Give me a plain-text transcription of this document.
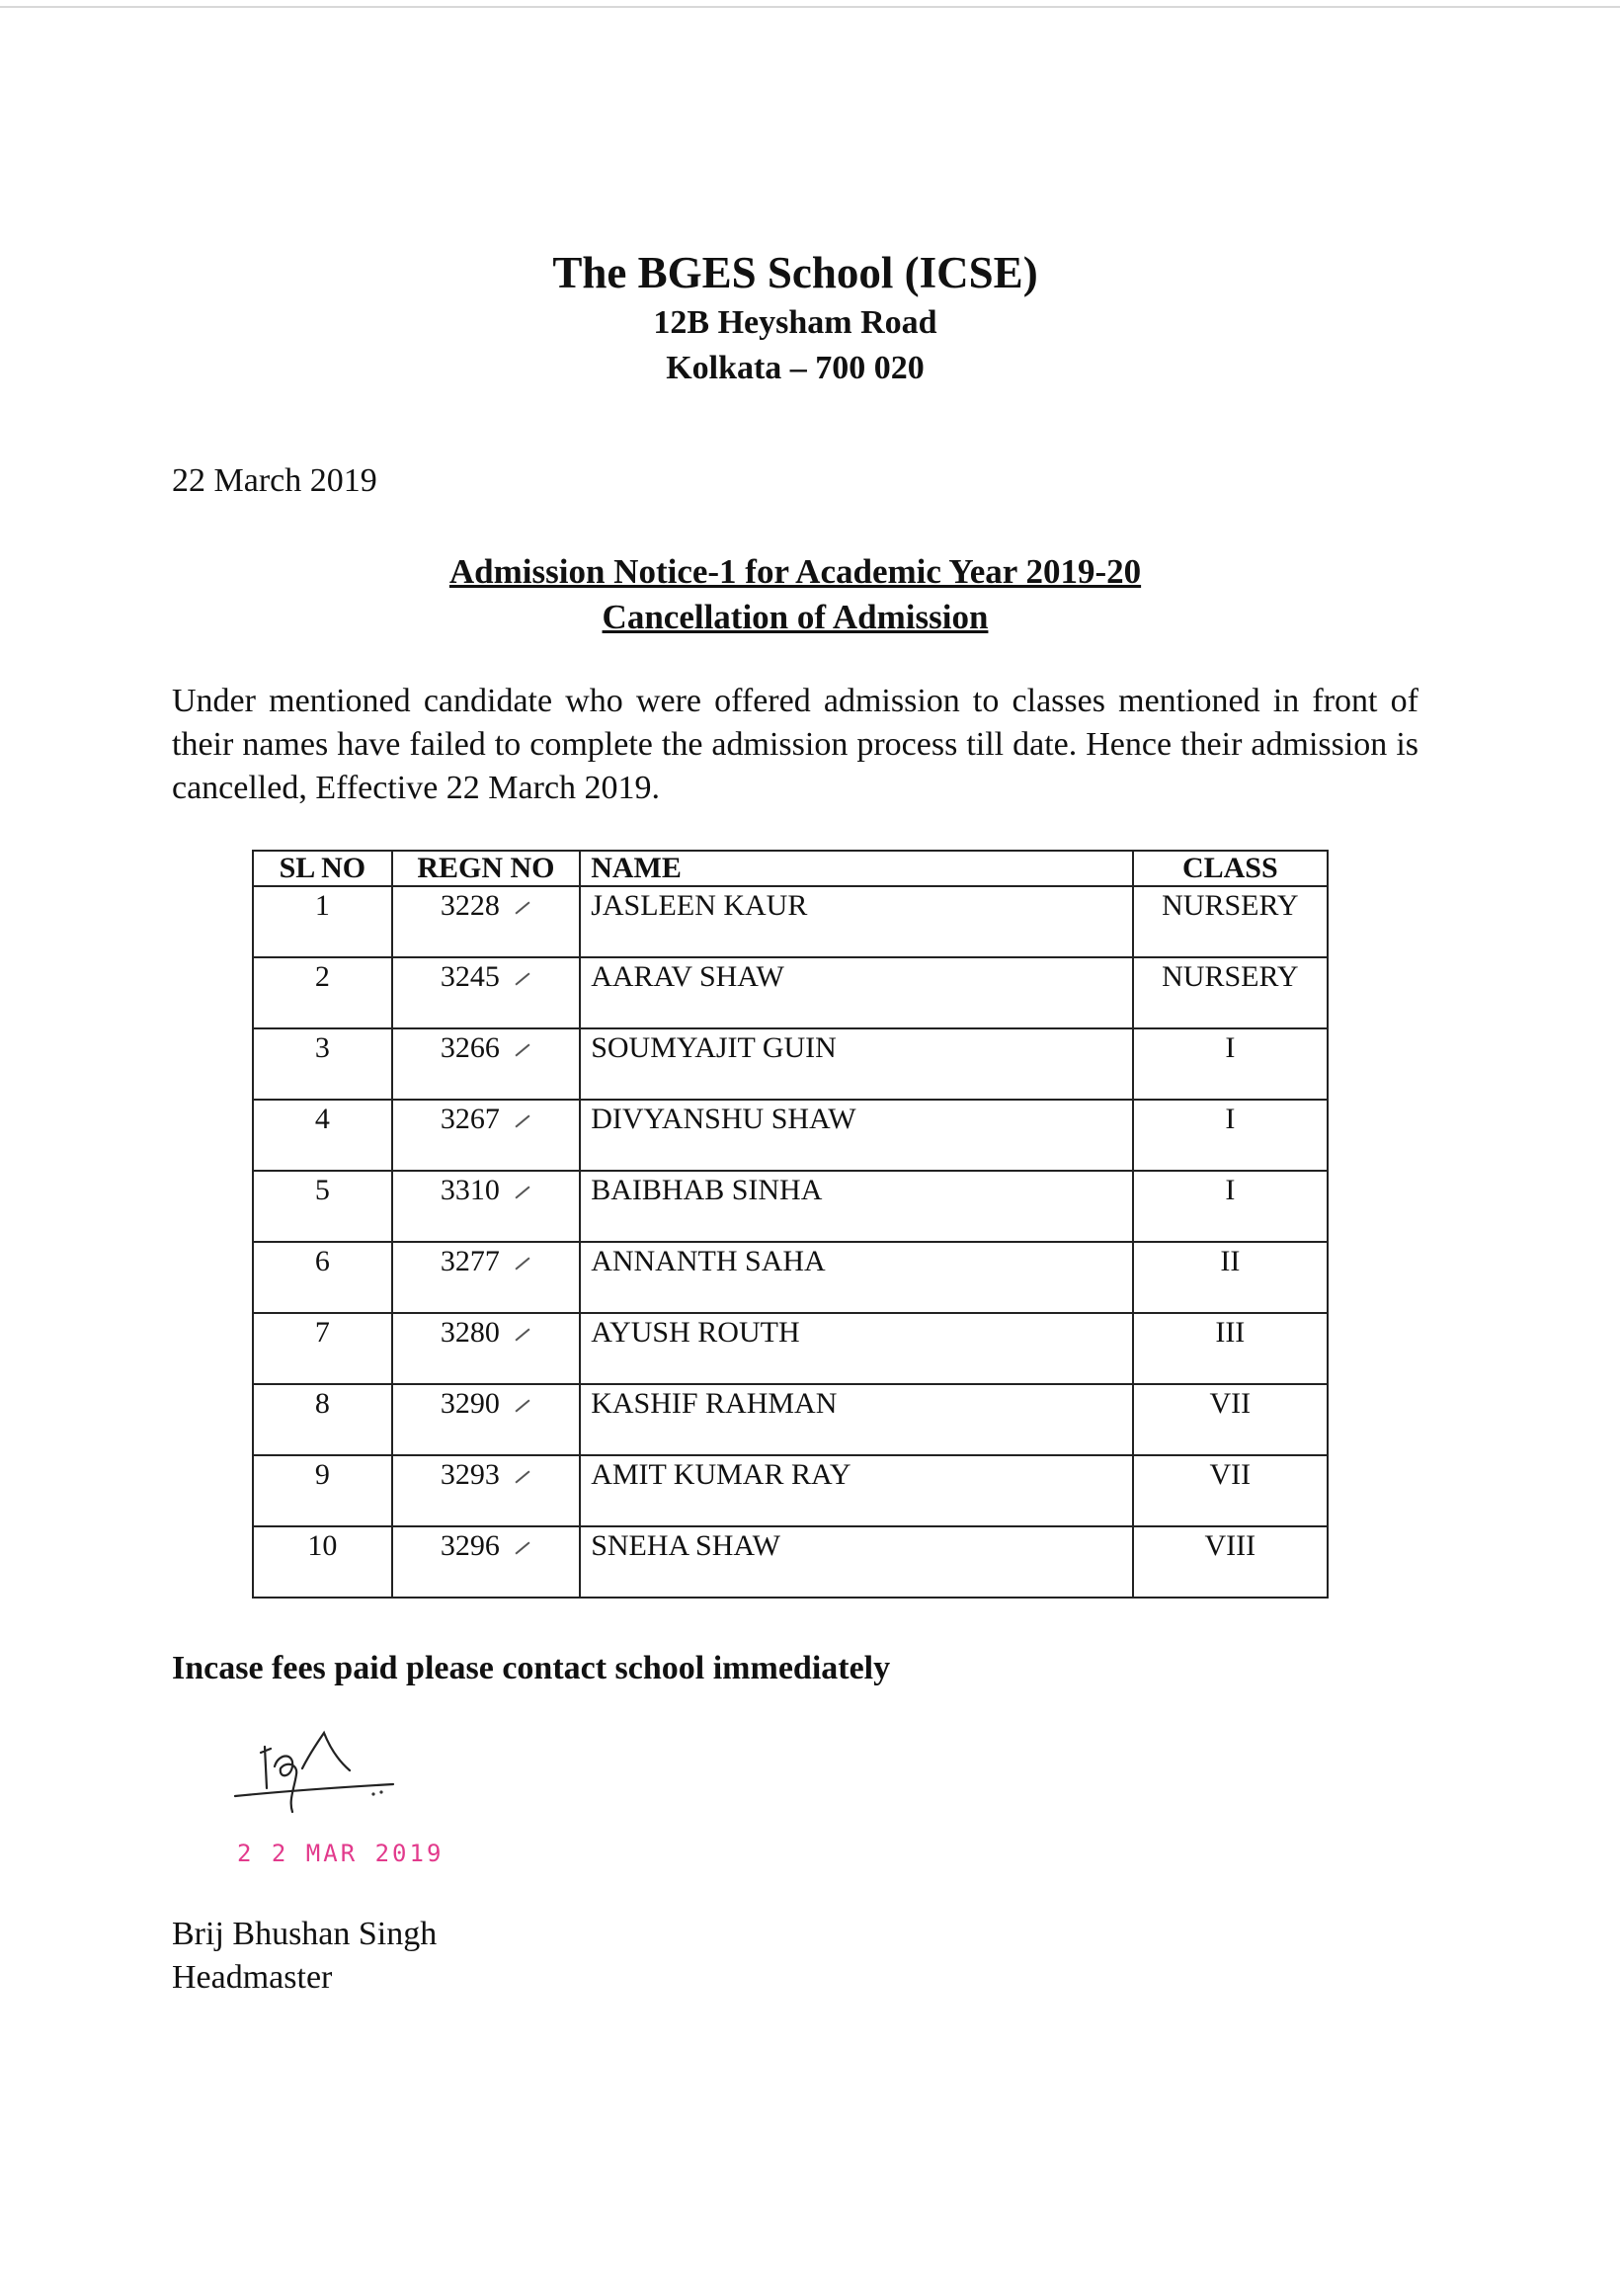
The BGES School (ICSE)
12B Heysham Road
Kolkata – 700 020
22 March 2019
Admission Notice-1 for Academic Year 2019-20
Cancellation of Admission
Under mentioned candidate who were offered admission to classes mentioned in front of their names have failed to complete the admission process till date. Hence their admission is cancelled, Effective 22 March 2019.
SL NO	REGN NO	NAME	CLASS
1	3228	JASLEEN KAUR	NURSERY
2	3245	AARAV SHAW	NURSERY
3	3266	SOUMYAJIT GUIN	I
4	3267	DIVYANSHU SHAW	I
5	3310	BAIBHAB SINHA	I
6	3277	ANNANTH SAHA	II
7	3280	AYUSH ROUTH	III
8	3290	KASHIF RAHMAN	VII
9	3293	AMIT KUMAR RAY	VII
10	3296	SNEHA SHAW	VIII
Incase fees paid please contact school immediately
2 2 MAR 2019
Brij Bhushan Singh
Headmaster
